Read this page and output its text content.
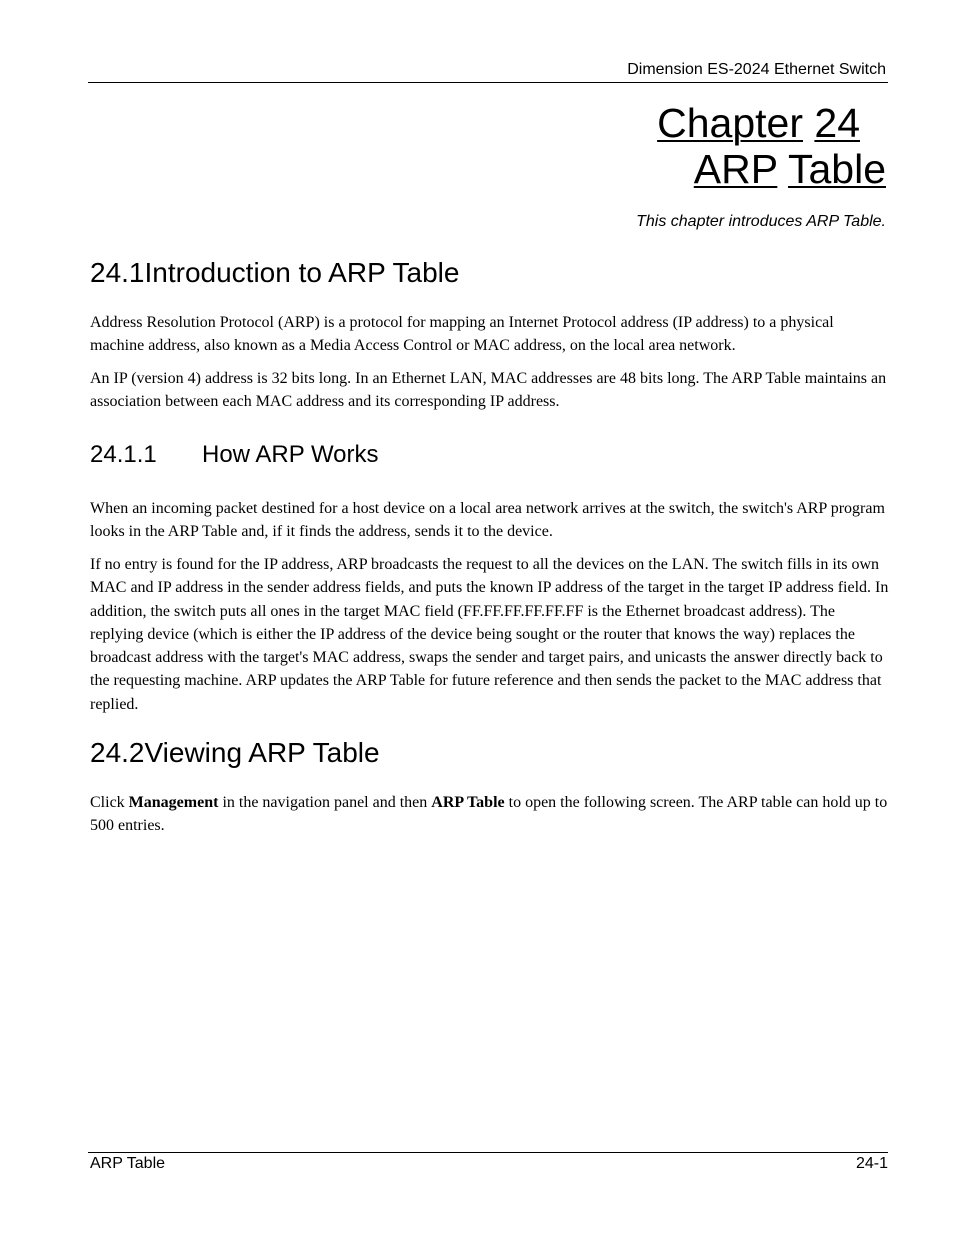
Dimension ES-2024 Ethernet Switch
Chapter 24
ARP Table
This chapter introduces ARP Table.
24.1Introduction to ARP Table
Address Resolution Protocol (ARP) is a protocol for mapping an Internet Protocol address (IP address) to a physical machine address, also known as a Media Access Control or MAC address, on the local area network.
An IP (version 4) address is 32 bits long. In an Ethernet LAN, MAC addresses are 48 bits long. The ARP Table maintains an association between each MAC address and its corresponding IP address.
24.1.1 How ARP Works
When an incoming packet destined for a host device on a local area network arrives at the switch, the switch's ARP program looks in the ARP Table and, if it finds the address, sends it to the device.
If no entry is found for the IP address, ARP broadcasts the request to all the devices on the LAN. The switch fills in its own MAC and IP address in the sender address fields, and puts the known IP address of the target in the target IP address field. In addition, the switch puts all ones in the target MAC field (FF.FF.FF.FF.FF.FF is the Ethernet broadcast address). The replying device (which is either the IP address of the device being sought or the router that knows the way) replaces the broadcast address with the target's MAC address, swaps the sender and target pairs, and unicasts the answer directly back to the requesting machine. ARP updates the ARP Table for future reference and then sends the packet to the MAC address that replied.
24.2Viewing ARP Table
Click Management in the navigation panel and then ARP Table to open the following screen. The ARP table can hold up to 500 entries.
ARP Table	24-1
